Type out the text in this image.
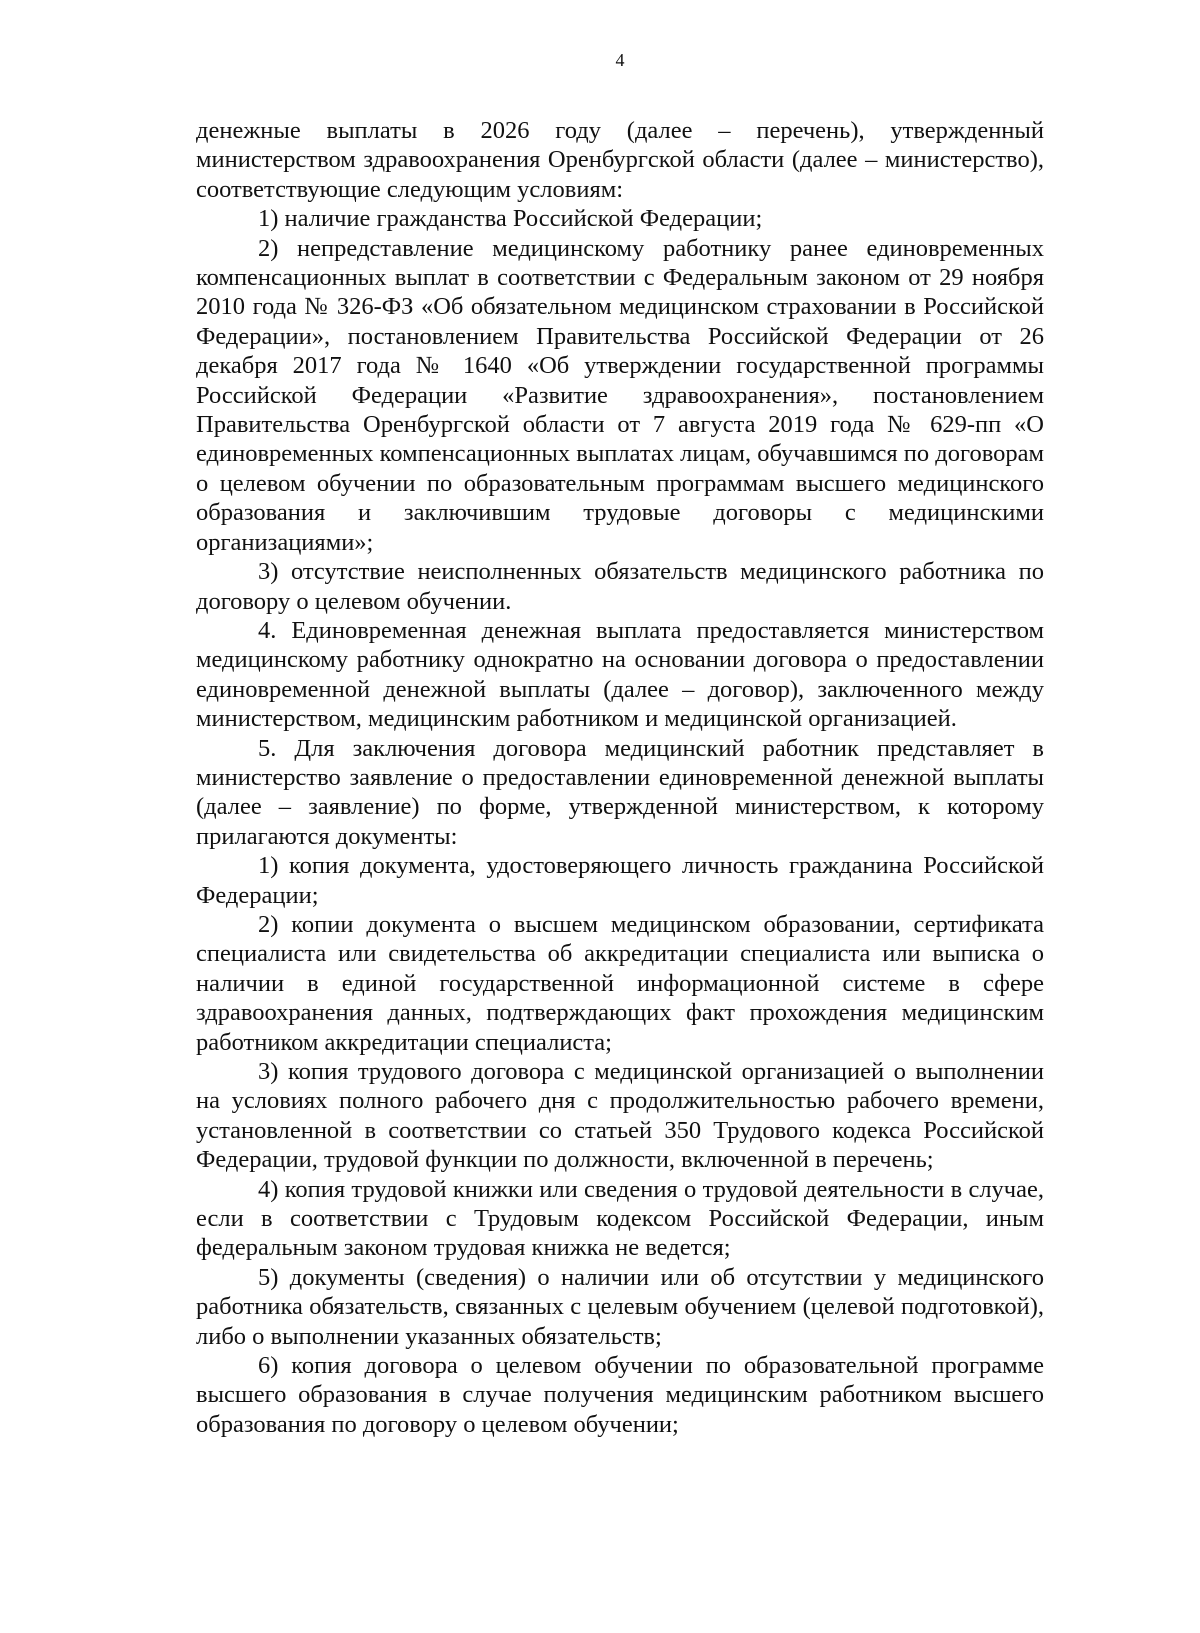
4

денежные выплаты в 2026 году (далее – перечень), утвержденный министерством здравоохранения Оренбургской области (далее – министерство), соответствующие следующим условиям:

1) наличие гражданства Российской Федерации;

2) непредставление медицинскому работнику ранее единовременных компенсационных выплат в соответствии с Федеральным законом от 29 ноября 2010 года № 326-ФЗ «Об обязательном медицинском страховании в Российской Федерации», постановлением Правительства Российской Федерации от 26 декабря 2017 года № 1640 «Об утверждении государственной программы Российской Федерации «Развитие здравоохранения», постановлением Правительства Оренбургской области от 7 августа 2019 года № 629-пп «О единовременных компенсационных выплатах лицам, обучавшимся по договорам о целевом обучении по образовательным программам высшего медицинского образования и заключившим трудовые договоры с медицинскими организациями»;

3) отсутствие неисполненных обязательств медицинского работника по договору о целевом обучении.

4. Единовременная денежная выплата предоставляется министерством медицинскому работнику однократно на основании договора о предоставлении единовременной денежной выплаты (далее – договор), заключенного между министерством, медицинским работником и медицинской организацией.

5. Для заключения договора медицинский работник представляет в министерство заявление о предоставлении единовременной денежной выплаты (далее – заявление) по форме, утвержденной министерством, к которому прилагаются документы:

1) копия документа, удостоверяющего личность гражданина Российской Федерации;

2) копии документа о высшем медицинском образовании, сертификата специалиста или свидетельства об аккредитации специалиста или выписка о наличии в единой государственной информационной системе в сфере здравоохранения данных, подтверждающих факт прохождения медицинским работником аккредитации специалиста;

3) копия трудового договора с медицинской организацией о выполнении на условиях полного рабочего дня с продолжительностью рабочего времени, установленной в соответствии со статьей 350 Трудового кодекса Российской Федерации, трудовой функции по должности, включенной в перечень;

4) копия трудовой книжки или сведения о трудовой деятельности в случае, если в соответствии с Трудовым кодексом Российской Федерации, иным федеральным законом трудовая книжка не ведется;

5) документы (сведения) о наличии или об отсутствии у медицинского работника обязательств, связанных с целевым обучением (целевой подготовкой), либо о выполнении указанных обязательств;

6) копия договора о целевом обучении по образовательной программе высшего образования в случае получения медицинским работником высшего образования по договору о целевом обучении;
